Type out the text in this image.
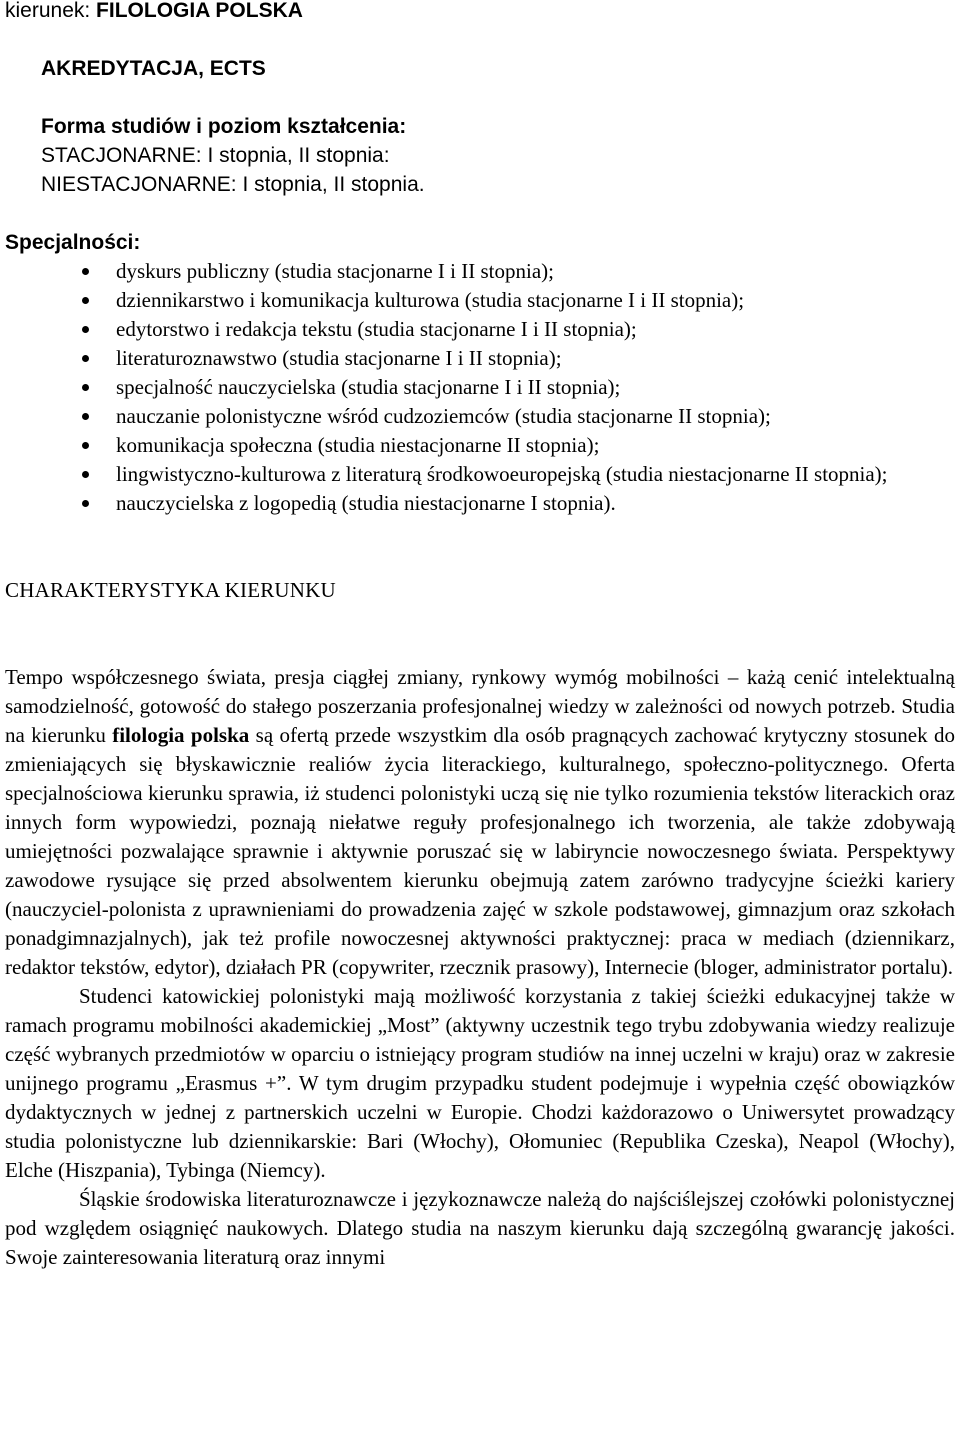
kierunek: FILOLOGIA POLSKA
AKREDYTACJA, ECTS
Forma studiów i poziom kształcenia:
STACJONARNE: I stopnia, II stopnia:
NIESTACJONARNE: I stopnia, II stopnia.
Specjalności:
dyskurs publiczny (studia stacjonarne I i II stopnia);
dziennikarstwo i komunikacja kulturowa (studia stacjonarne I i II stopnia);
edytorstwo i redakcja tekstu (studia stacjonarne I i II stopnia);
literaturoznawstwo (studia stacjonarne I i II stopnia);
specjalność nauczycielska (studia stacjonarne I i II stopnia);
nauczanie polonistyczne wśród cudzoziemców (studia stacjonarne II stopnia);
komunikacja społeczna (studia niestacjonarne II stopnia);
lingwistyczno-kulturowa z literaturą środkowoeuropejską (studia niestacjonarne II stopnia);
nauczycielska z logopedią (studia niestacjonarne I stopnia).
CHARAKTERYSTYKA KIERUNKU

Tempo współczesnego świata, presja ciągłej zmiany, rynkowy wymóg mobilności – każą cenić intelektualną samodzielność, gotowość do stałego poszerzania profesjonalnej wiedzy w zależności od nowych potrzeb. Studia na kierunku filologia polska są ofertą przede wszystkim dla osób pragnących zachować krytyczny stosunek do zmieniających się błyskawicznie realiów życia literackiego, kulturalnego, społeczno-politycznego. Oferta specjalnościowa kierunku sprawia, iż studenci polonistyki uczą się nie tylko rozumienia tekstów literackich oraz innych form wypowiedzi, poznają niełatwe reguły profesjonalnego ich tworzenia, ale także zdobywają umiejętności pozwalające sprawnie i aktywnie poruszać się w labiryncie nowoczesnego świata. Perspektywy zawodowe rysujące się przed absolwentem kierunku obejmują zatem zarówno tradycyjne ścieżki kariery (nauczyciel-polonista z uprawnieniami do prowadzenia zajęć w szkole podstawowej, gimnazjum oraz szkołach ponadgimnazjalnych), jak też profile nowoczesnej aktywności praktycznej: praca w mediach (dziennikarz, redaktor tekstów, edytor), działach PR (copywriter, rzecznik prasowy), Internecie (bloger, administrator portalu).

Studenci katowickiej polonistyki mają możliwość korzystania z takiej ścieżki edukacyjnej także w ramach programu mobilności akademickiej „Most” (aktywny uczestnik tego trybu zdobywania wiedzy realizuje część wybranych przedmiotów w oparciu o istniejący program studiów na innej uczelni w kraju) oraz w zakresie unijnego programu „Erasmus +”. W tym drugim przypadku student podejmuje i wypełnia część obowiązków dydaktycznych w jednej z partnerskich uczelni w Europie. Chodzi każdorazowo o Uniwersytet prowadzący studia polonistyczne lub dziennikarskie: Bari (Włochy), Ołomuniec (Republika Czeska), Neapol (Włochy), Elche (Hiszpania), Tybinga (Niemcy).

Śląskie środowiska literaturoznawcze i językoznawcze należą do najściślejszej czołówki polonistycznej pod względem osiągnięć naukowych. Dlatego studia na naszym kierunku dają szczególną gwarancję jakości. Swoje zainteresowania literaturą oraz innymi
